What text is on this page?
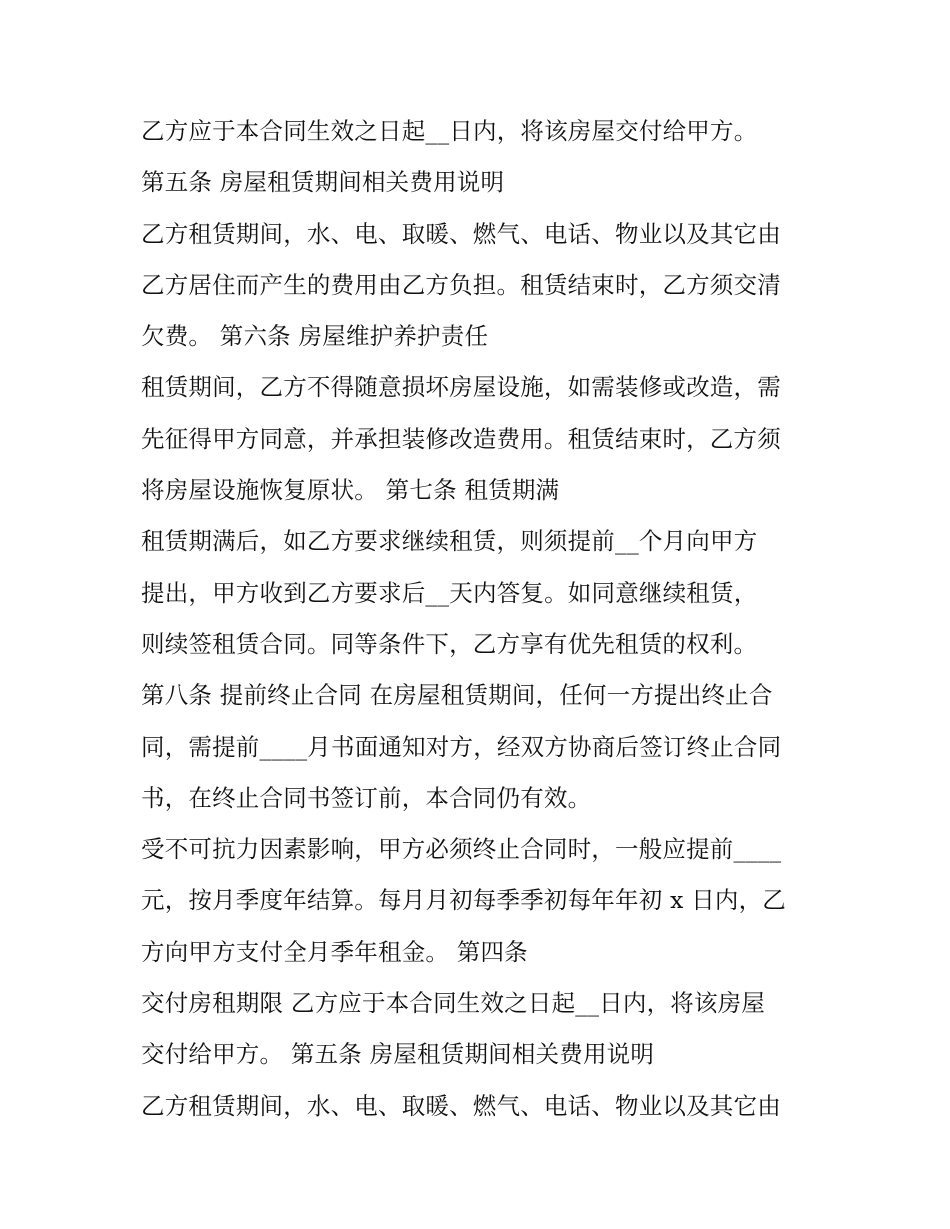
乙方应于本合同生效之日起__日内，将该房屋交付给甲方。

第五条 房屋租赁期间相关费用说明

乙方租赁期间，水、电、取暖、燃气、电话、物业以及其它由

乙方居住而产生的费用由乙方负担。租赁结束时，乙方须交清

欠费。 第六条 房屋维护养护责任

租赁期间，乙方不得随意损坏房屋设施，如需装修或改造，需

先征得甲方同意，并承担装修改造费用。租赁结束时，乙方须

将房屋设施恢复原状。 第七条 租赁期满

租赁期满后，如乙方要求继续租赁，则须提前__个月向甲方

提出，甲方收到乙方要求后__天内答复。如同意继续租赁，

则续签租赁合同。同等条件下，乙方享有优先租赁的权利。

第八条 提前终止合同 在房屋租赁期间，任何一方提出终止合

同，需提前____月书面通知对方，经双方协商后签订终止合同

书，在终止合同书签订前，本合同仍有效。

受不可抗力因素影响，甲方必须终止合同时，一般应提前____

元，按月季度年结算。每月月初每季季初每年年初 x 日内，乙

方向甲方支付全月季年租金。 第四条

交付房租期限 乙方应于本合同生效之日起__日内，将该房屋

交付给甲方。 第五条 房屋租赁期间相关费用说明

乙方租赁期间，水、电、取暖、燃气、电话、物业以及其它由
